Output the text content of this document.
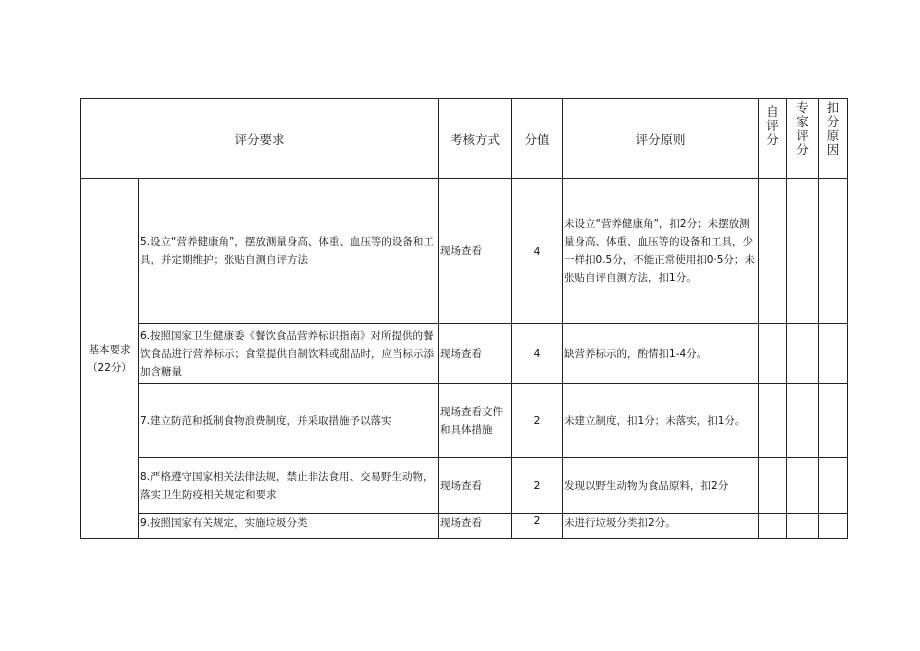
评分要求		考核方式	分值	评分原则	自评分	专家评分	扣分原因

基本要求
（22分）	5.设立“营养健康角”，摆放测量身高、体重、血压等的设备和工具，并定期维护；张贴自测自评方法	现场查看	4	未设立“营养健康角”，扣2分；未摆放测量身高、体重、血压等的设备和工具，少一样扣0.5分，不能正常使用扣0·5分；未张贴自评自测方法，扣1分。			
	6.按照国家卫生健康委《餐饮食品营养标识指南》对所提供的餐饮食品进行营养标示；食堂提供自制饮料或甜品时，应当标示添加含糖量	现场查看	4	缺营养标示的，酌情扣1-4分。			
	7.建立防范和抵制食物浪费制度，并采取措施予以落实	现场查看文件和具体措施	2	未建立制度，扣1分；未落实，扣1分。			
	8.严格遵守国家相关法律法规，禁止非法食用、交易野生动物，落实卫生防疫相关规定和要求	现场查看	2	发现以野生动物为食品原料，扣2分			
	9.按照国家有关规定，实施垃圾分类	现场查看	2	未进行垃圾分类扣2分。			
